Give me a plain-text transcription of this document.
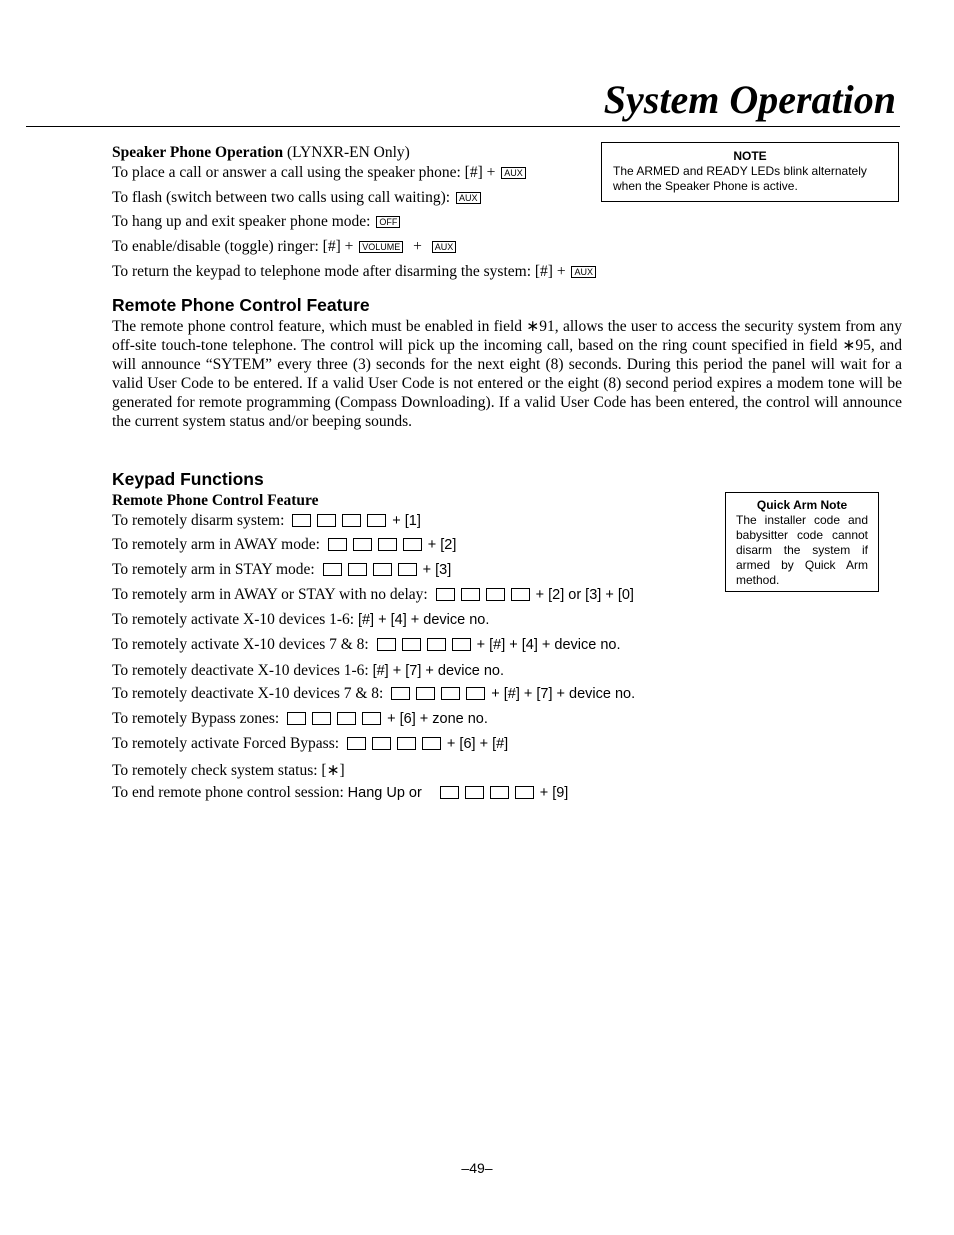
System Operation
Speaker Phone Operation (LYNXR-EN Only)
To place a call or answer a call using the speaker phone: [#] + AUX
To flash (switch between two calls using call waiting): AUX
To hang up and exit speaker phone mode: OFF
To enable/disable (toggle) ringer: [#] + VOLUME + AUX
To return the keypad to telephone mode after disarming the system: [#] + AUX
NOTE
The ARMED and READY LEDs blink alternately when the Speaker Phone is active.
Remote Phone Control Feature

The remote phone control feature, which must be enabled in field ∗91, allows the user to access the security system from any off-site touch-tone telephone. The control will pick up the incoming call, based on the ring count specified in field ∗95, and will announce “SYTEM” every three (3) seconds for the next eight (8) seconds. During this period the panel will wait for a valid User Code to be entered. If a valid User Code is not entered or the eight (8) second period expires a modem tone will be generated for remote programming (Compass Downloading). If a valid User Code has been entered, the control will announce the current system status and/or beeping sounds.

Keypad Functions
Remote Phone Control Feature
To remotely disarm system:	+ [1]
To remotely arm in AWAY mode:	+ [2]
To remotely arm in STAY mode:	+ [3]
To remotely arm in AWAY or STAY with no delay:	+ [2] or [3] + [0]
To remotely activate X-10 devices 1-6: [#] + [4] + device no.
To remotely activate X-10 devices 7 & 8:	+ [#] + [4] + device no.
To remotely deactivate X-10 devices 1-6: [#] + [7] + device no.
To remotely deactivate X-10 devices 7 & 8:	+ [#] + [7] + device no.
To remotely Bypass zones:	+ [6] + zone no.
To remotely activate Forced Bypass:	+ [6] + [#]
To remotely check system status: [∗]
To end remote phone control session: Hang Up or	+ [9]
Quick Arm Note
The installer code and babysitter code cannot disarm the system if armed by Quick Arm method.
–49–
